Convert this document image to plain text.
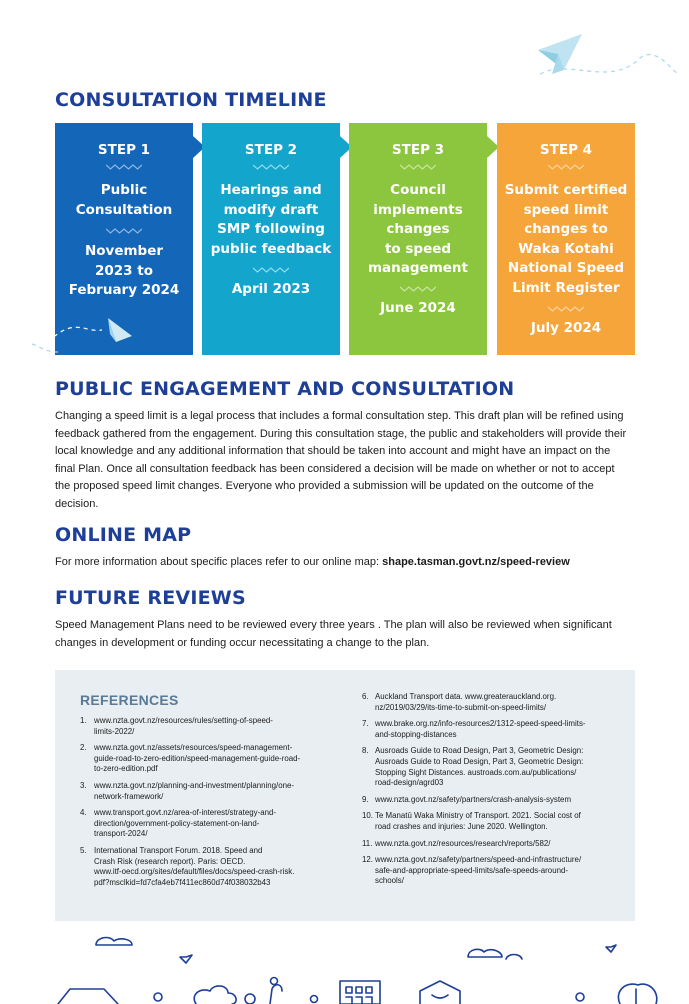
CONSULTATION TIMELINE
STEP 1
Public
Consultation
November
2023 to
February 2024
STEP 2
Hearings and
modify draft
SMP following
public feedback
April 2023
STEP 3
Council
implements
changes
to speed
management
June 2024
STEP 4
Submit certified
speed limit
changes to
Waka Kotahi
National Speed
Limit Register
July 2024
PUBLIC ENGAGEMENT AND CONSULTATION

Changing a speed limit is a legal process that includes a formal consultation step. This draft plan will be refined using feedback gathered from the engagement. During this consultation stage, the public and stakeholders will provide their local knowledge and any additional information that should be taken into account and might have an impact on the final Plan. Once all consultation feedback has been considered a decision will be made on whether or not to accept the proposed speed limit changes. Everyone who provided a submission will be updated on the outcome of the decision.

ONLINE MAP

For more information about specific places refer to our online map: shape.tasman.govt.nz/speed-review

FUTURE REVIEWS

Speed Management Plans need to be reviewed every three years . The plan will also be reviewed when significant changes in development or funding occur necessitating a change to the plan.

REFERENCES
1. www.nzta.govt.nz/resources/rules/setting-of-speed-
limits-2022/
2. www.nzta.govt.nz/assets/resources/speed-management-
guide-road-to-zero-edition/speed-management-guide-road-
to-zero-edition.pdf
3. www.nzta.govt.nz/planning-and-investment/planning/one-
network-framework/
4. www.transport.govt.nz/area-of-interest/strategy-and-
direction/government-policy-statement-on-land-
transport-2024/
5. International Transport Forum. 2018. Speed and
Crash Risk (research report). Paris: OECD.
www.itf-oecd.org/sites/default/files/docs/speed-crash-risk.
pdf?msclkid=fd7cfa4eb7f411ec860d74f038032b43
6. Auckland Transport data. www.greaterauckland.org.
nz/2019/03/29/its-time-to-submit-on-speed-limits/
7. www.brake.org.nz/info-resources2/1312-speed-speed-limits-
and-stopping-distances
8. Ausroads Guide to Road Design, Part 3, Geometric Design:
Ausroads Guide to Road Design, Part 3, Geometric Design:
Stopping Sight Distances. austroads.com.au/publications/
road-design/agrd03
9. www.nzta.govt.nz/safety/partners/crash-analysis-system
10. Te Manatū Waka Ministry of Transport. 2021. Social cost of
road crashes and injuries: June 2020. Wellington.
11. www.nzta.govt.nz/resources/research/reports/582/
12. www.nzta.govt.nz/safety/partners/speed-and-infrastructure/
safe-and-appropriate-speed-limits/safe-speeds-around-
schools/
